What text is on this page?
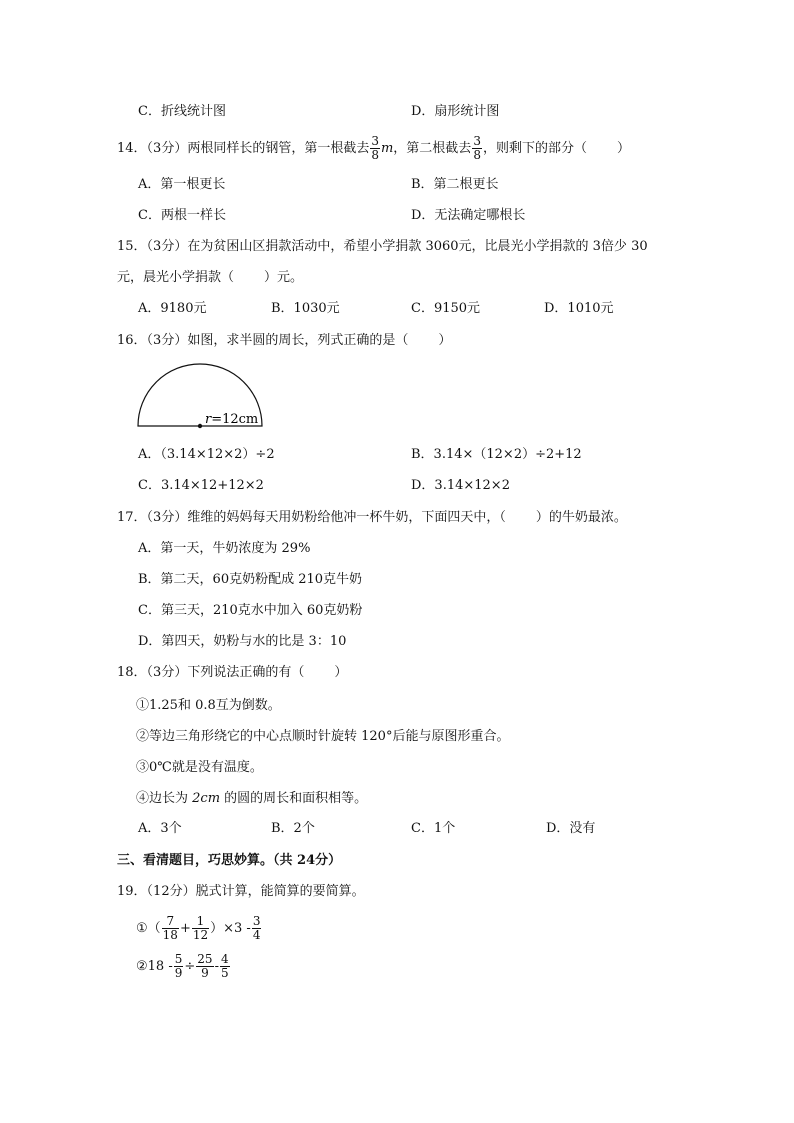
C．折线统计图	D．扇形统计图
14．（3分）两根同样长的钢管，第一根截去 $\frac{3}{8}$ m，第二根截去 $\frac{3}{8}$ ，则剩下的部分（ ）
A．第一根更长	B．第二根更长
C．两根一样长	D．无法确定哪根长
15．（3分）在为贫困山区捐款活动中，希望小学捐款 3060元，比晨光小学捐款的 3倍少 30
元，晨光小学捐款（ ）元。
A．9180元	B．1030元	C．9150元	D．1010元
16．（3分）如图，求半圆的周长，列式正确的是（ ）
r=12cm
A．（3.14×12×2）÷2	B．3.14×（12×2）÷2+12
C．3.14×12+12×2	D．3.14×12×2
17．（3分）维维的妈妈每天用奶粉给他冲一杯牛奶，下面四天中，（ ）的牛奶最浓。
A．第一天，牛奶浓度为 29%
B．第二天，60克奶粉配成 210克牛奶
C．第三天，210克水中加入 60克奶粉
D．第四天，奶粉与水的比是 3：10
18．（3分）下列说法正确的有（ ）
①1.25和 0.8互为倒数。
②等边三角形绕它的中心点顺时针旋转 120°后能与原图形重合。
③0℃就是没有温度。
④边长为 2cm 的圆的周长和面积相等。
A．3个	B．2个	C．1个	D．没有
三、看清题目，巧思妙算。（共 24分）
19．（12分）脱式计算，能简算的要简算。
①（ $\frac{7}{18} + \frac{1}{12} )\times 3 - \frac{3}{4}$
②18 - $\frac{5}{9} \div \frac{25}{9} - \frac{4}{5}$
